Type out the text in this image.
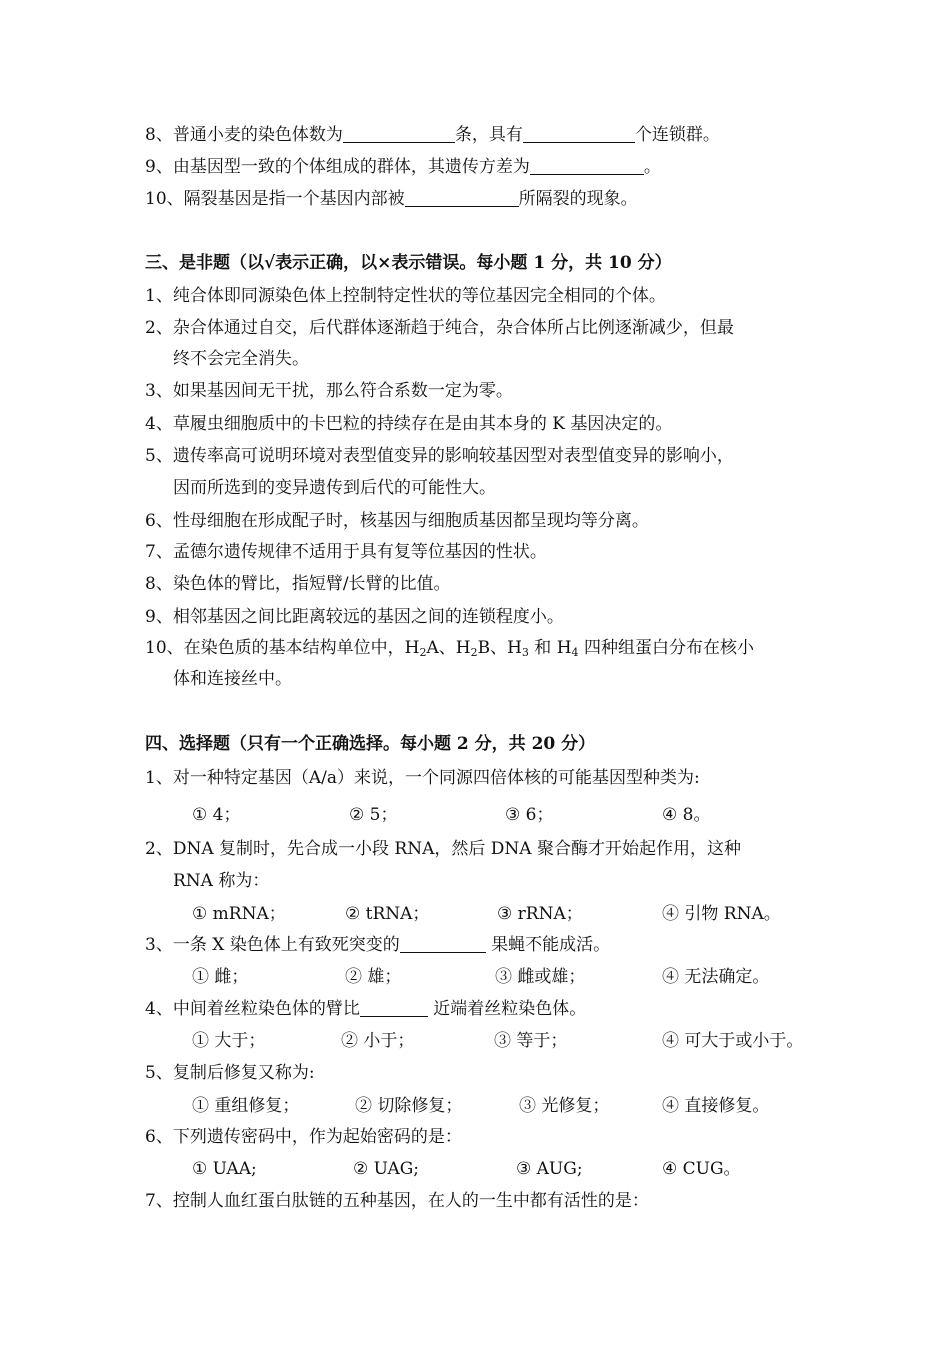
8、普通小麦的染色体数为	条，具有	个连锁群。
9、由基因型一致的个体组成的群体，其遗传方差为	。
10、隔裂基因是指一个基因内部被	所隔裂的现象。
三、是非题（以√表示正确，以×表示错误。每小题 1 分，共 10 分）
1、纯合体即同源染色体上控制特定性状的等位基因完全相同的个体。
2、杂合体通过自交，后代群体逐渐趋于纯合，杂合体所占比例逐渐减少，但最
终不会完全消失。
3、如果基因间无干扰，那么符合系数一定为零。
4、草履虫细胞质中的卡巴粒的持续存在是由其本身的 K 基因决定的。
5、遗传率高可说明环境对表型值变异的影响较基因型对表型值变异的影响小，
因而所选到的变异遗传到后代的可能性大。
6、性母细胞在形成配子时，核基因与细胞质基因都呈现均等分离。
7、孟德尔遗传规律不适用于具有复等位基因的性状。
8、染色体的臂比，指短臂/长臂的比值。
9、相邻基因之间比距离较远的基因之间的连锁程度小。
10、在染色质的基本结构单位中，$H_2A$、$H_2B$、$H_3$ 和 $H_4$ 四种组蛋白分布在核小
体和连接丝中。
四、选择题（只有一个正确选择。每小题 2 分，共 20 分）
1、对一种特定基因（A/a）来说，一个同源四倍体核的可能基因型种类为:
① 4；	② 5；	③ 6；	④ 8。
2、DNA 复制时，先合成一小段 RNA，然后 DNA 聚合酶才开始起作用，这种
RNA 称为：
① mRNA；	② tRNA；	③ rRNA；	④ 引物 RNA。
3、一条 X 染色体上有致死突变的	果蝇不能成活。
① 雌；	② 雄；	③ 雌或雄；	④ 无法确定。
4、中间着丝粒染色体的臂比	近端着丝粒染色体。
① 大于；	② 小于；	③ 等于；	④ 可大于或小于。
5、复制后修复又称为:
① 重组修复；	② 切除修复；	③ 光修复；	④ 直接修复。
6、下列遗传密码中，作为起始密码的是：
① UAA;	② UAG;	③ AUG;	④ CUG。
7、控制人血红蛋白肽链的五种基因，在人的一生中都有活性的是：
